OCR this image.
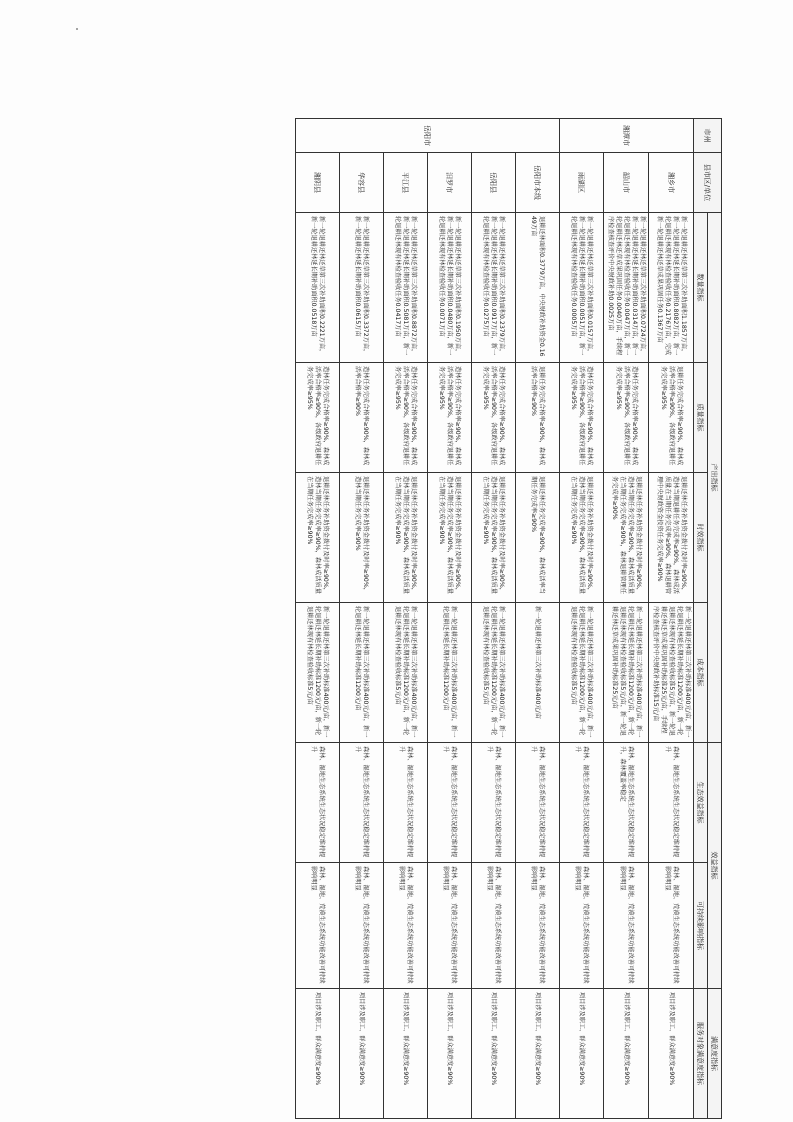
市州	县市区/单位	产出指标				效益指标		满意度指标
		数量指标	质量指标	时效指标	成本指标	生态效益指标	可持续影响指标	服务对象满意度指标
湘潭市	湘乡市	新一轮退耕还林还草第三次补助面积1.1857万亩，新一轮退耕还林延长期补助面积0.8082万亩，新一轮退耕还林现有林检查验收任务0.2176万亩，完成新一轮退耕还林还草成果巩固任务0.1367万亩	退耕任务完成合格率≥90%，森林成活率合格率≥90%，各级政府退耕任务完成率≥95%	退耕还林任务补助资金拨付及时率≥90%，造林当期退耕任务完成率≥90%，森林成活质量在当期任务完成率≥90%，森林退耕管理中央财政资金投资任务完成率≥90%	新一轮退耕还林第三次补助标准400元/亩，新一轮退耕还林延长期补助标准1200元/亩，新一轮退耕还林现有林检查验收标准5元/亩，新一轮退耕还林还草成果巩固补助标准25元/亩，手续程序检查核查评价中央财政补助标准15元/亩	森林、湿地生态系统生态状况稳定维持提升	森林、湿地、荒漠生态系统功能改善可持续影响明显	项目涉及职工、群众满意度≥90%
	韶山市	新一轮退耕还林还草第三次补助面积0.0724万亩，新一轮退耕还林延长期补助面积0.0314万亩，新一轮退耕还林现有林检查验收任务0.0047万亩，新一轮退耕还林还草成果巩固任务0.0040万亩，手续程序检查核查评价中央财政补助0.0025万亩	造林任务完成合格率≥90%，森林成活率合格率≥90%，各级政府退耕任务完成率≥95%	退耕还林任务补助资金拨付及时率≥90%，造林当期任务完成率≥90%，森林成活质量在当期任务完成率≥90%，森林退耕管理任务完成率≥90%	新一轮退耕还林第三次补助标准400元/亩，新一轮退耕还林延长期补助标准1200元/亩，新一轮退耕还林现有林检查验收标准5元/亩，新一轮退耕还林还草成果巩固补助标准25元/亩	森林、湿地生态系统生态状况稳定维持提升，森林覆盖率稳定	森林、湿地、荒漠生态系统功能改善可持续影响明显	项目涉及职工、群众满意度≥90%
	雨湖区	新一轮退耕还林还草第三次补助面积0.0157万亩，新一轮退耕还林延长期补助面积0.0051万亩，新一轮退耕还林现有林检查验收任务0.0005万亩	造林任务完成合格率≥90%，森林成活率合格率≥90%，各级政府退耕任务完成率≥95%	退耕还林任务补助资金拨付及时率≥90%，造林当期任务完成率≥90%，森林成活质量在当期任务完成率≥90%	新一轮退耕还林第三次补助标准400元/亩，新一轮退耕还林延长期补助标准1200元/亩，新一轮退耕还林现有林检查验收标准5元/亩	森林、湿地生态系统生态状况稳定维持提升	森林、湿地、荒漠生态系统功能改善可持续影响明显	项目涉及职工、群众满意度≥90%
岳阳市	岳阳市本级	退耕还林面积0.3779万亩，中央财政补助资金0.1649万亩	退耕任务完成合格率≥90%，森林成活率合格率≥90%	退耕还林任务完成率≥90%，森林成活率当期任务完成率≥90%	新一轮退耕还林第三次补助标准400元/亩	森林、湿地生态系统生态状况稳定维持提升	森林、湿地、荒漠生态系统功能改善可持续影响明显	项目涉及职工、群众满意度≥90%
	岳阳县	新一轮退耕还林还草第三次补助面积0.2379万亩，新一轮退耕还林延长期补助面积0.0917万亩，新一轮退耕还林现有林检查验收任务0.0275万亩	造林任务完成合格率≥90%，森林成活率合格率≥90%，各级政府退耕任务完成率≥95%	退耕还林任务补助资金拨付及时率≥90%，造林当期任务完成率≥90%，森林成活质量在当期任务完成率≥90%	新一轮退耕还林第三次补助标准400元/亩，新一轮退耕还林延长期补助标准1200元/亩，新一轮退耕还林现有林检查验收标准5元/亩	森林、湿地生态系统生态状况稳定维持提升	森林、湿地、荒漠生态系统功能改善可持续影响明显	项目涉及职工、群众满意度≥90%
	汨罗市	新一轮退耕还林还草第三次补助面积0.1950万亩，新一轮退耕还林延长期补助面积0.0480万亩，新一轮退耕还林现有林检查验收任务0.0071万亩	造林任务完成合格率≥90%，森林成活率合格率≥90%，各级政府退耕任务完成率≥95%	退耕还林任务补助资金拨付及时率≥90%，造林当期任务完成率≥90%，森林成活质量在当期任务完成率≥90%	新一轮退耕还林第三次补助标准400元/亩，新一轮退耕还林延长期补助标准1200元/亩	森林、湿地生态系统生态状况稳定维持提升	森林、湿地、荒漠生态系统功能改善可持续影响明显	项目涉及职工、群众满意度≥90%
	平江县	新一轮退耕还林还草第三次补助面积0.8872万亩，新一轮退耕还林延长期补助面积0.5081万亩，新一轮退耕还林现有林检查验收任务0.0417万亩	造林任务完成合格率≥90%，森林成活率合格率≥90%，各级政府退耕任务完成率≥95%	退耕还林任务补助资金拨付及时率≥90%，造林当期任务完成率≥90%，森林成活质量在当期任务完成率≥90%	新一轮退耕还林第三次补助标准400元/亩，新一轮退耕还林延长期补助标准1200元/亩，新一轮退耕还林现有林检查验收标准5元/亩	森林、湿地生态系统生态状况稳定维持提升	森林、湿地、荒漠生态系统功能改善可持续影响明显	项目涉及职工、群众满意度≥90%
	华容县	新一轮退耕还林还草第三次补助面积0.3372万亩，新一轮退耕还林延长期补助面积0.0615万亩	造林任务完成合格率≥90%，森林成活率合格率≥90%	退耕还林任务补助资金拨付及时率≥90%，造林当期任务完成率≥90%	新一轮退耕还林第三次补助标准400元/亩，新一轮退耕还林延长期补助标准1200元/亩	森林、湿地生态系统生态状况稳定维持提升	森林、湿地、荒漠生态系统功能改善可持续影响明显	项目涉及职工、群众满意度≥90%
	湘阴县	新一轮退耕还林还草第三次补助面积0.2221万亩，新一轮退耕还林延长期补助面积0.0518万亩	造林任务完成合格率≥90%，森林成活率合格率≥90%，各级政府退耕任务完成率≥95%	退耕还林任务补助资金拨付及时率≥90%，造林当期任务完成率≥90%，森林成活质量在当期任务完成率≥90%	新一轮退耕还林第三次补助标准400元/亩，新一轮退耕还林延长期补助标准1200元/亩，新一轮退耕还林现有林检查验收标准5元/亩	森林、湿地生态系统生态状况稳定维持提升	森林、湿地、荒漠生态系统功能改善可持续影响明显	项目涉及职工、群众满意度≥90%
